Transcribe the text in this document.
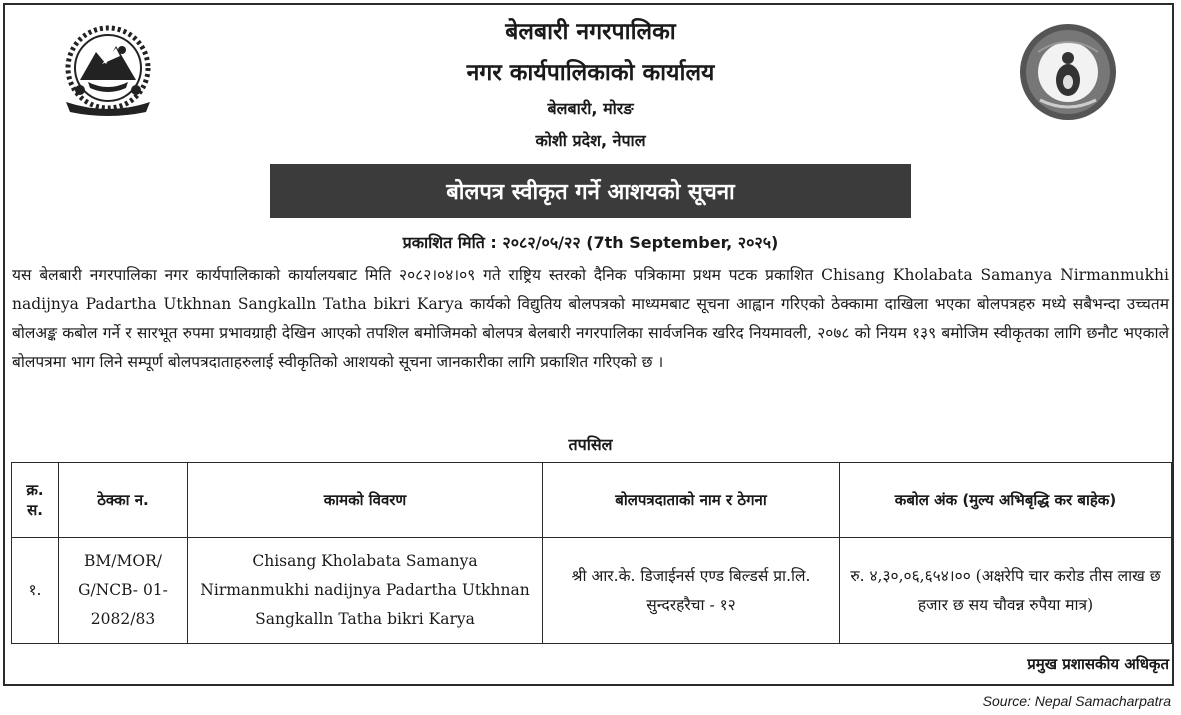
बेलबारी नगरपालिका
नगर कार्यपालिकाको कार्यालय
बेलबारी, मोरङ
कोशी प्रदेश, नेपाल
बोलपत्र स्वीकृत गर्ने आशयको सूचना
प्रकाशित मिति : २०८२/०५/२२ (7th September, २०२५)

यस बेलबारी नगरपालिका नगर कार्यपालिकाको कार्यालयबाट मिति २०८२।०४।०९ गते राष्ट्रिय स्तरको दैनिक पत्रिकामा प्रथम पटक प्रकाशित Chisang Kholabata Samanya Nirmanmukhi nadijnya Padartha Utkhnan Sangkalln Tatha bikri Karya कार्यको विद्युतिय बोलपत्रको माध्यमबाट सूचना आह्वान गरिएको ठेक्कामा दाखिला भएका बोलपत्रहरु मध्ये सबैभन्दा उच्चतम बोलअङ्क कबोल गर्ने र सारभूत रुपमा प्रभावग्राही देखिन आएको तपशिल बमोजिमको बोलपत्र बेलबारी नगरपालिका सार्वजनिक खरिद नियमावली, २०७८ को नियम १३९ बमोजिम स्वीकृतका लागि छनौट भएकाले बोलपत्रमा भाग लिने सम्पूर्ण बोलपत्रदाताहरुलाई स्वीकृतिको आशयको सूचना जानकारीका लागि प्रकाशित गरिएको छ ।

तपसिल
क्र. स.	ठेक्का न.	कामको विवरण	बोलपत्रदाताको नाम र ठेगना	कबोल अंक (मुल्य अभिबृद्धि कर बाहेक)
१.	BM/MOR/ G/NCB- 01-2082/83	Chisang Kholabata Samanya Nirmanmukhi nadijnya Padartha Utkhnan Sangkalln Tatha bikri Karya	श्री आर.के. डिजाईनर्स एण्ड बिल्डर्स प्रा.लि. सुन्दरहरैचा - १२	रु. ४,३०,०६,६५४।०० (अक्षरेपि चार करोड तीस लाख छ हजार छ सय चौवन्न रुपैया मात्र)
प्रमुख प्रशासकीय अधिकृत
Source: Nepal Samacharpatra
